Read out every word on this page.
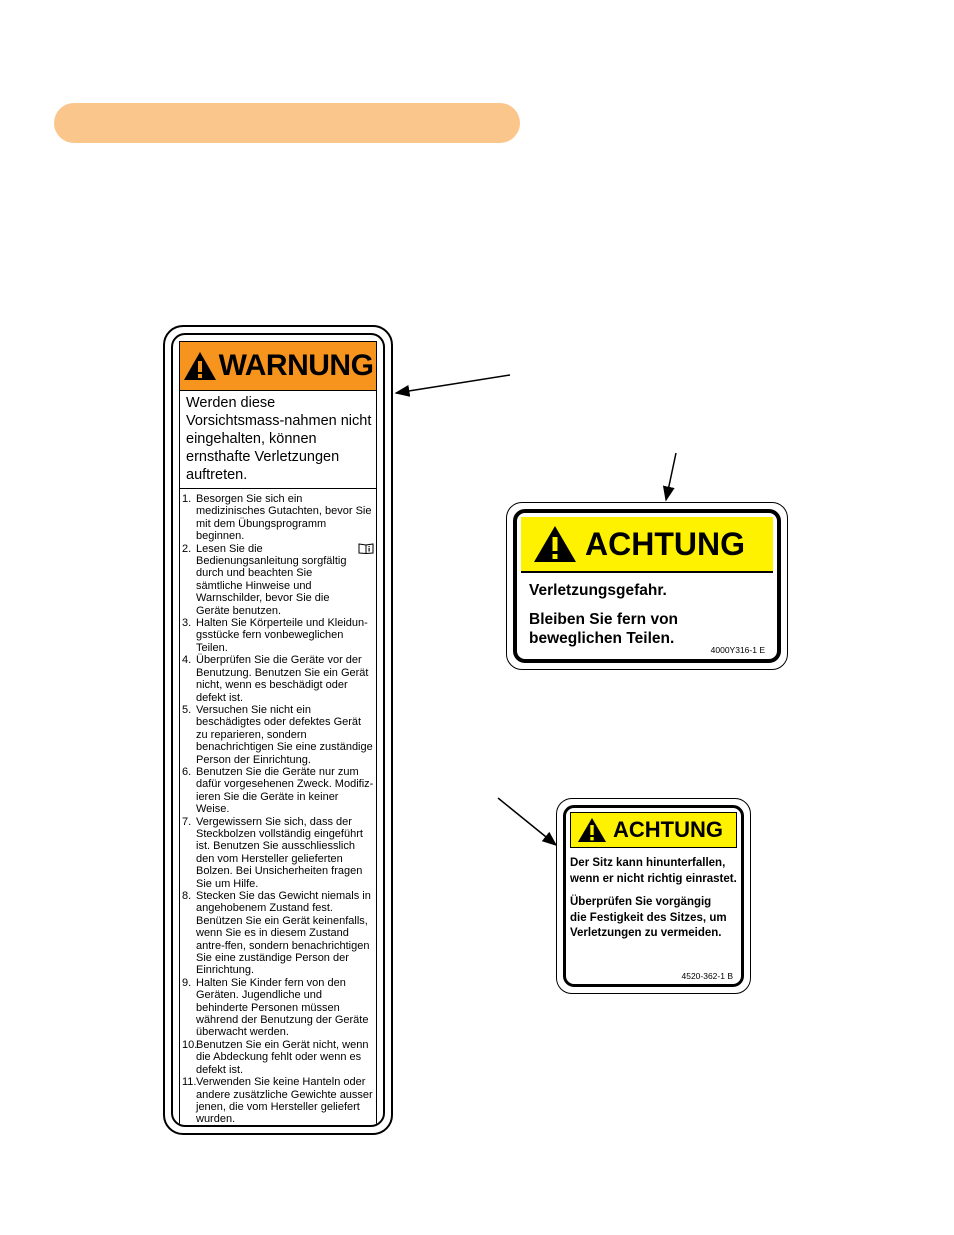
WARNUNG
Werden diese Vorsichtsmass-nahmen nicht eingehalten, können ernsthafte Verletzungen auftreten.
1. Besorgen Sie sich ein medizinisches Gutachten, bevor Sie mit dem Übungsprogramm beginnen.
2. Lesen Sie die Bedienungsanleitung sorgfältig durch und beachten Sie sämtliche Hinweise und Warnschilder, bevor Sie die Geräte benutzen.
3. Halten Sie Körperteile und Kleidun-gsstücke fern vonbeweglichen Teilen.
4. Überprüfen Sie die Geräte vor der Benutzung. Benutzen Sie ein Gerät nicht, wenn es beschädigt oder defekt ist.
5. Versuchen Sie nicht ein beschädigtes oder defektes Gerät zu reparieren, sondern benachrichtigen Sie eine zuständige Person der Einrichtung.
6. Benutzen Sie die Geräte nur zum dafür vorgesehenen Zweck. Modifiz-ieren Sie die Geräte in keiner Weise.
7. Vergewissern Sie sich, dass der Steckbolzen vollständig eingeführt ist. Benutzen Sie ausschliesslich den vom Hersteller gelieferten Bolzen. Bei Unsicherheiten fragen Sie um Hilfe.
8. Stecken Sie das Gewicht niemals in angehobenem Zustand fest. Benützen Sie ein Gerät keinenfalls, wenn Sie es in diesem Zustand antre-ffen, sondern benachrichtigen Sie eine zuständige Person der Einrichtung.
9. Halten Sie Kinder fern von den Geräten. Jugendliche und behinderte Personen müssen während der Benutzung der Geräte überwacht werden.
10.
Benutzen Sie ein Gerät nicht, wenn die Abdeckung fehlt oder wenn es defekt ist.
11. Verwenden Sie keine Hanteln oder andere zusätzliche Gewichte ausser jenen, die vom Hersteller geliefert wurden.
ACHTUNG

Verletzungsgefahr.

Bleiben Sie fern von beweglichen Teilen.

4000Y316-1 E
ACHTUNG

Der Sitz kann hinunterfallen, wenn er nicht richtig einrastet.

Überprüfen Sie vorgängig die Festigkeit des Sitzes, um Verletzungen zu vermeiden.

4520-362-1 B
